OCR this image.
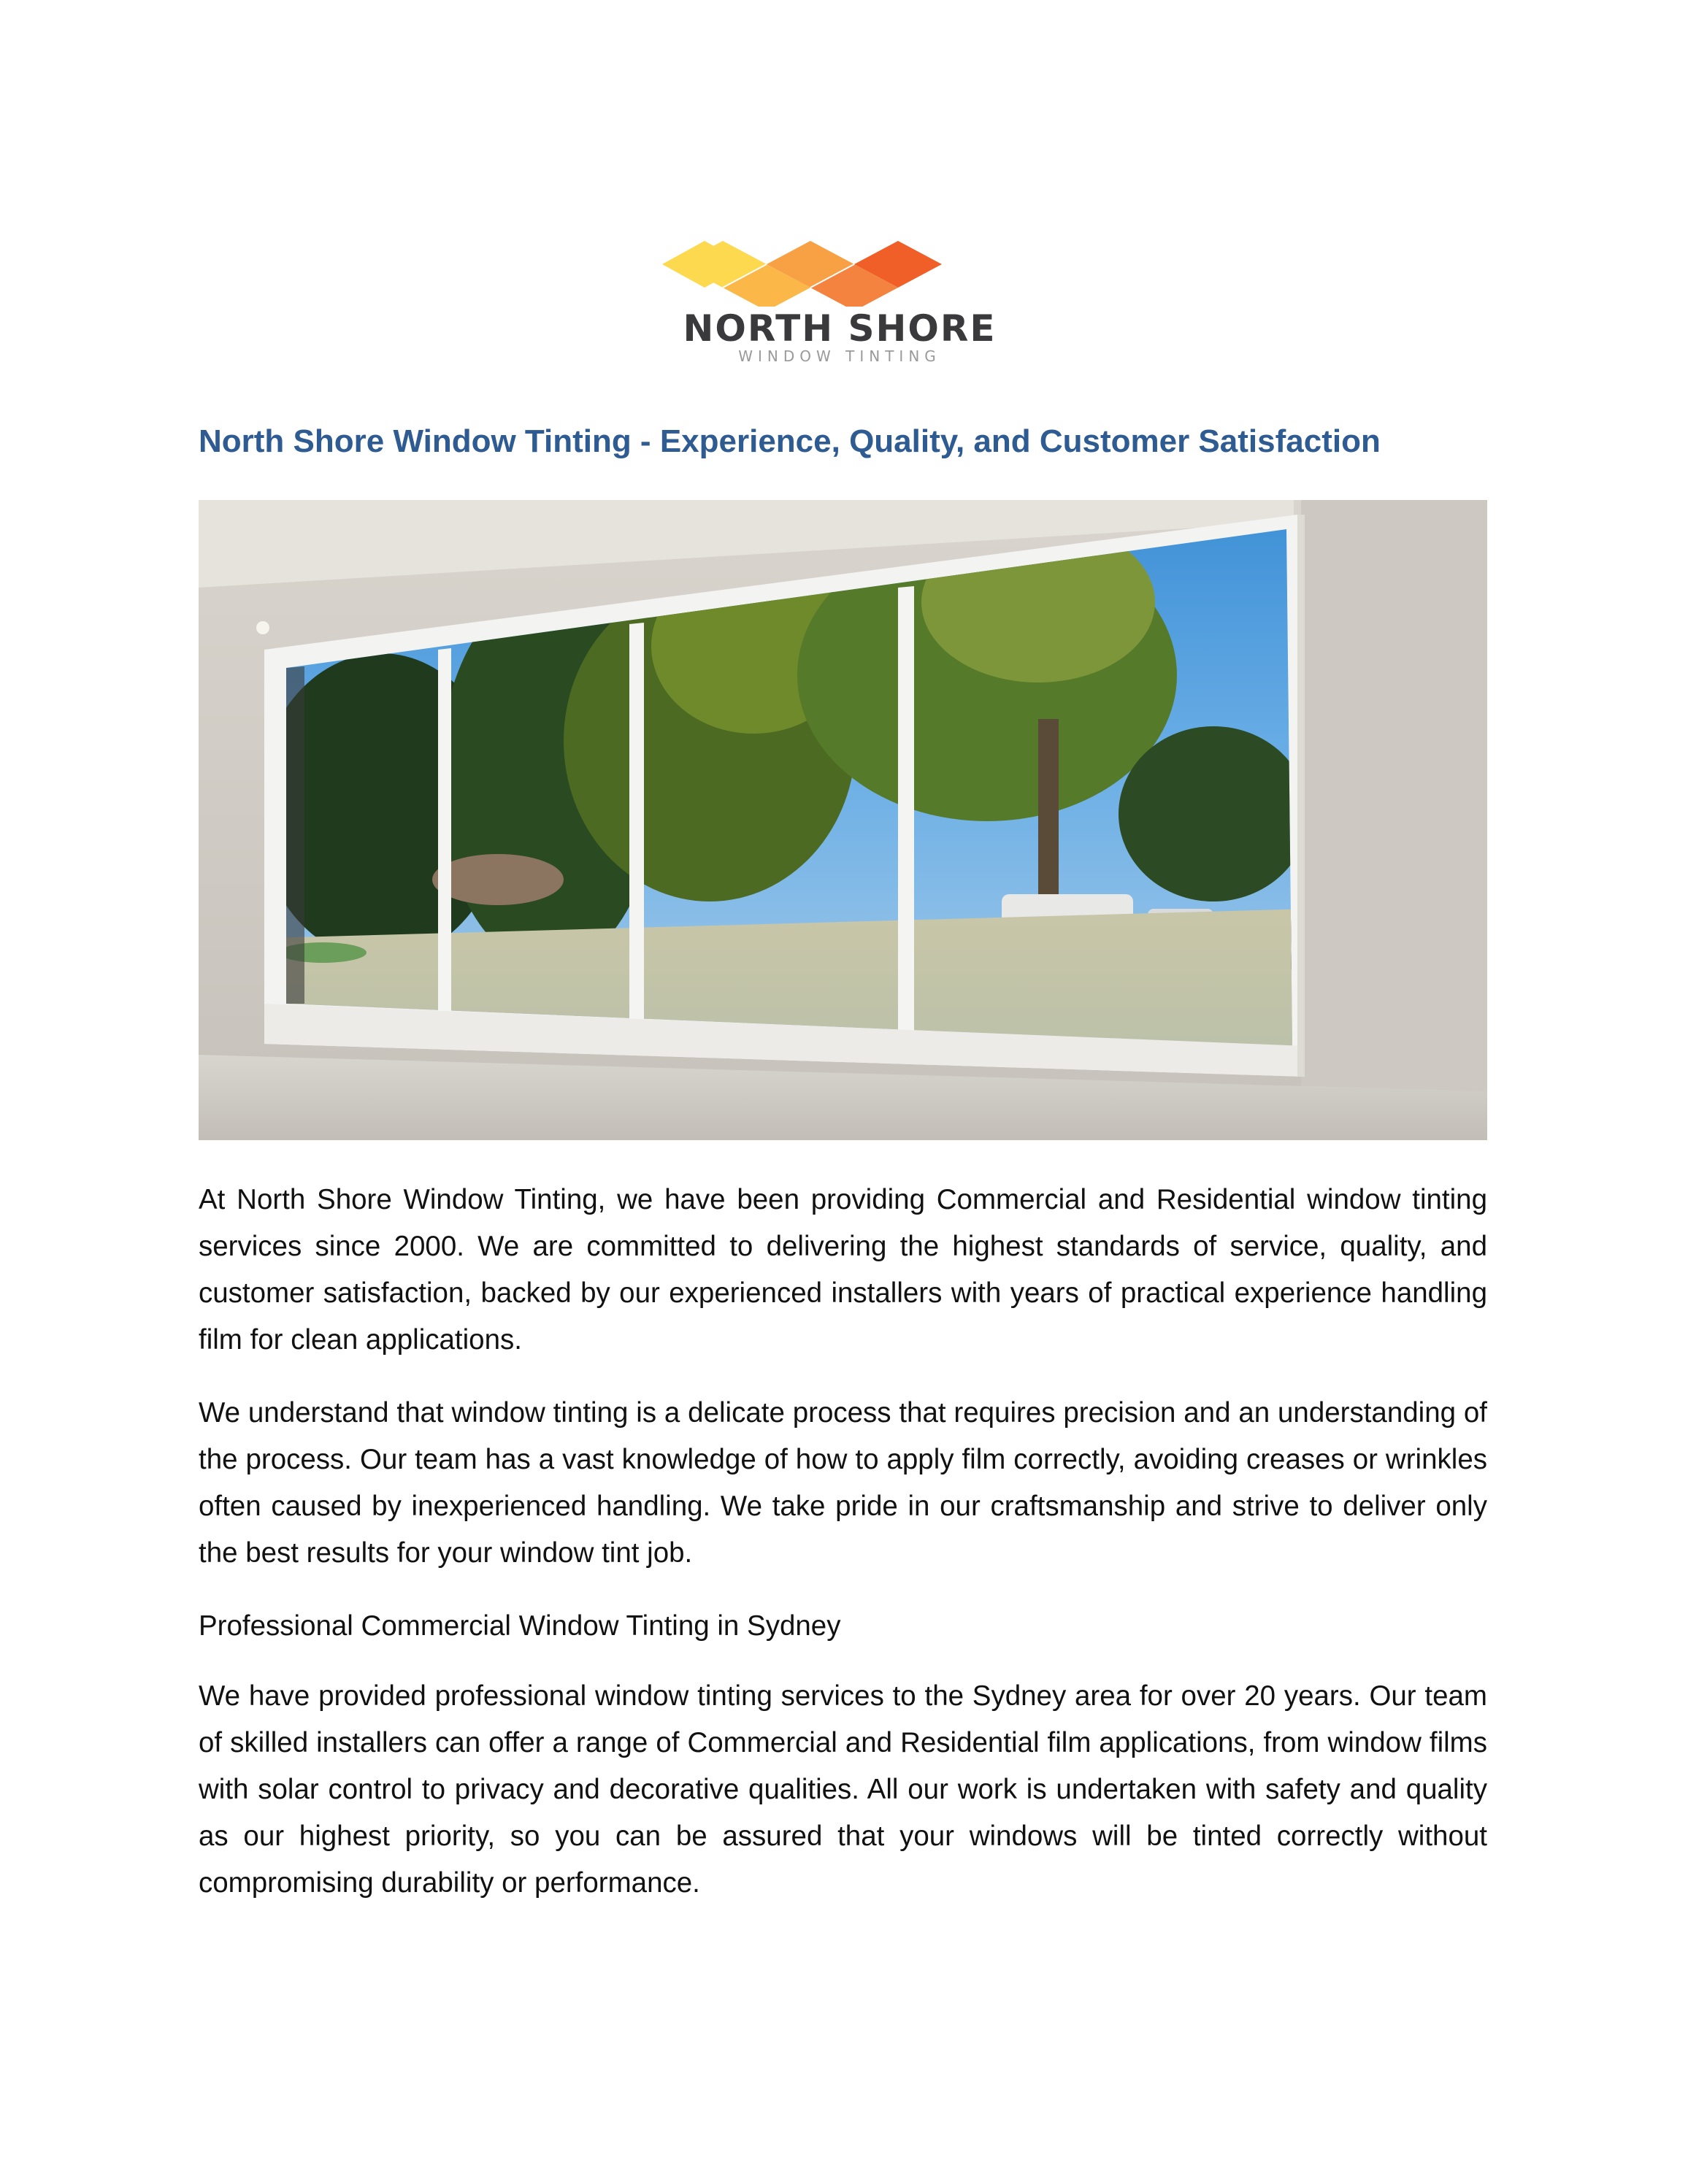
NORTH SHORE
WINDOW TINTING
North Shore Window Tinting - Experience, Quality, and Customer Satisfaction

At North Shore Window Tinting, we have been providing Commercial and Residential window tinting services since 2000. We are committed to delivering the highest standards of service, quality, and customer satisfaction, backed by our experienced installers with years of practical experience handling film for clean applications.

We understand that window tinting is a delicate process that requires precision and an understanding of the process. Our team has a vast knowledge of how to apply film correctly, avoiding creases or wrinkles often caused by inexperienced handling. We take pride in our craftsmanship and strive to deliver only the best results for your window tint job.

Professional Commercial Window Tinting in Sydney

We have provided professional window tinting services to the Sydney area for over 20 years. Our team of skilled installers can offer a range of Commercial and Residential film applications, from window films with solar control to privacy and decorative qualities. All our work is undertaken with safety and quality as our highest priority, so you can be assured that your windows will be tinted correctly without compromising durability or performance.
